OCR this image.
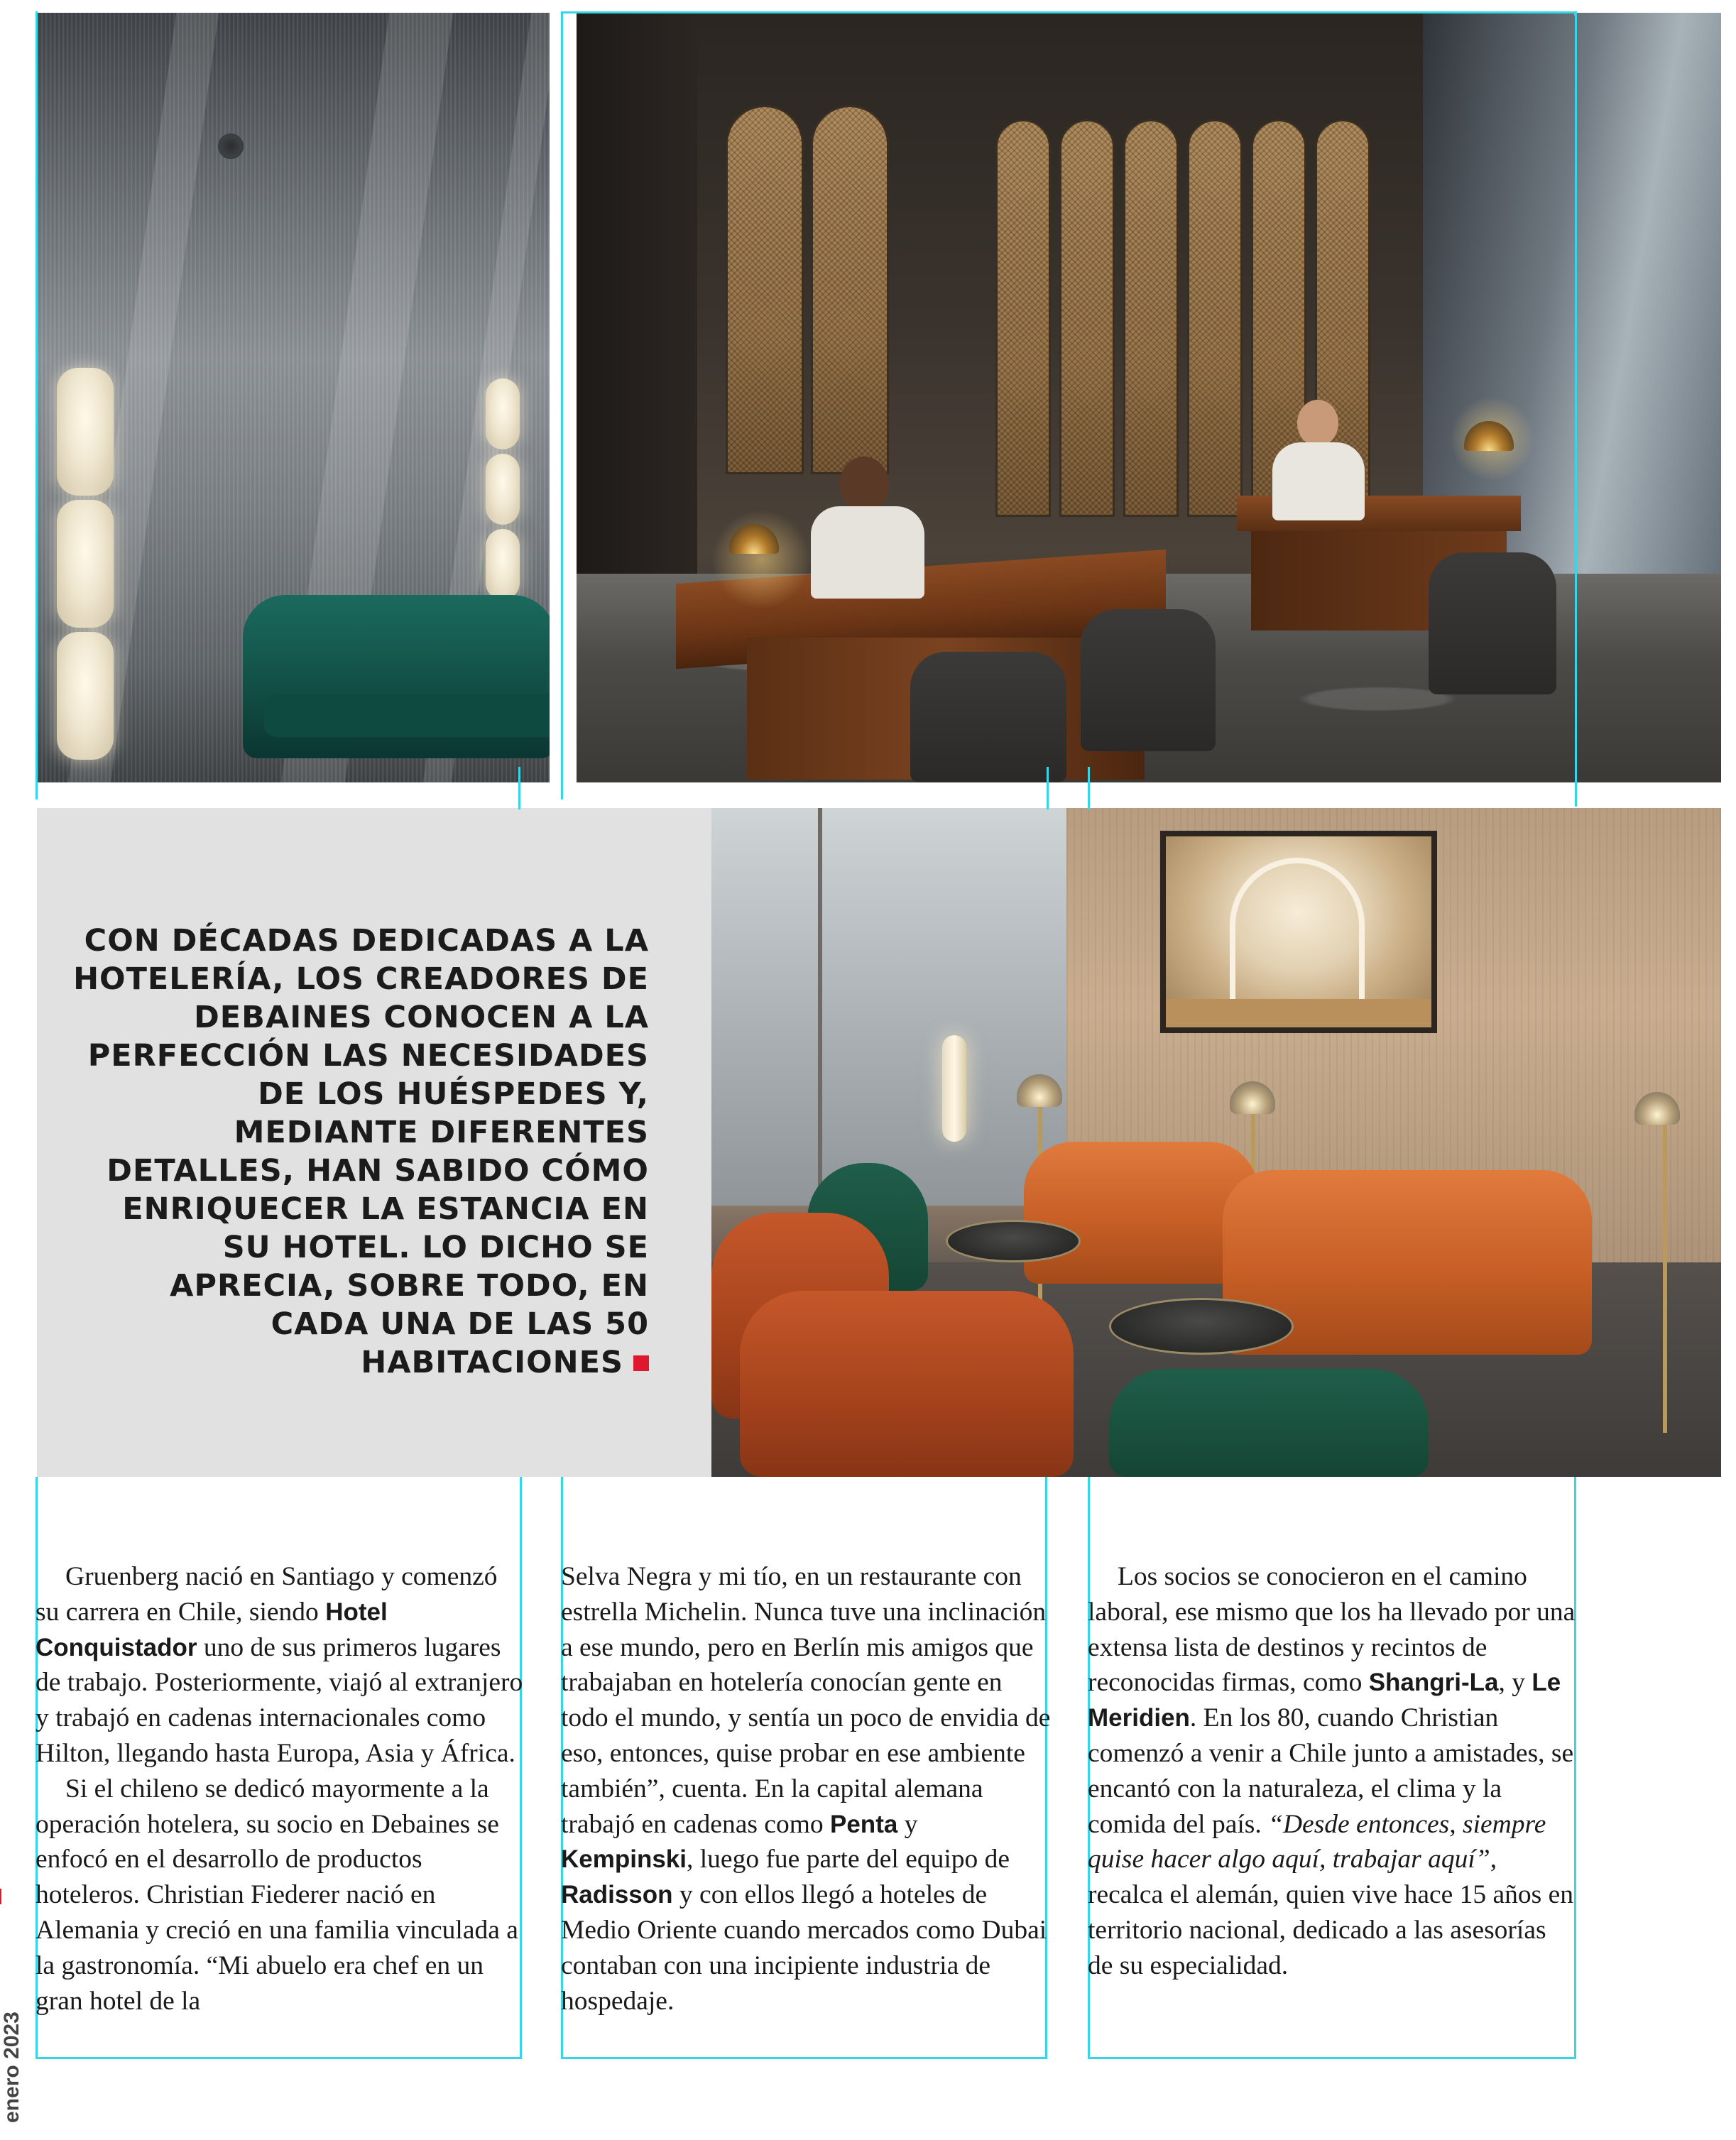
CON DÉCADAS DEDICADAS A LA HOTELERÍA, LOS CREADORES DE DEBAINES CONOCEN A LA PERFECCIÓN LAS NECESIDADES DE LOS HUÉSPEDES Y, MEDIANTE DIFERENTES DETALLES, HAN SABIDO CÓMO ENRIQUECER LA ESTANCIA EN SU HOTEL. LO DICHO SE APRECIA, SOBRE TODO, EN CADA UNA DE LAS 50 HABITACIONES

Gruenberg nació en Santiago y comenzó su carrera en Chile, siendo Hotel Conquistador uno de sus primeros lugares de trabajo. Posteriormente, viajó al extranjero y trabajó en cadenas internacionales como Hilton, llegando hasta Europa, Asia y África.

Si el chileno se dedicó mayormente a la operación hotelera, su socio en Debaines se enfocó en el desarrollo de productos hoteleros. Christian Fiederer nació en Alemania y creció en una familia vinculada a la gastronomía. “Mi abuelo era chef en un gran hotel de la

Selva Negra y mi tío, en un restaurante con estrella Michelin. Nunca tuve una inclinación a ese mundo, pero en Berlín mis amigos que trabajaban en hotelería conocían gente en todo el mundo, y sentía un poco de envidia de eso, entonces, quise probar en ese ambiente también”, cuenta. En la capital alemana trabajó en cadenas como Penta y Kempinski, luego fue parte del equipo de Radisson y con ellos llegó a hoteles de Medio Oriente cuando mercados como Dubai contaban con una incipiente industria de hospedaje.

Los socios se conocieron en el camino laboral, ese mismo que los ha llevado por una extensa lista de destinos y recintos de reconocidas firmas, como Shangri-La, y Le Meridien. En los 80, cuando Christian comenzó a venir a Chile junto a amistades, se encantó con la naturaleza, el clima y la comida del país. “Desde entonces, siempre quise hacer algo aquí, trabajar aquí”, recalca el alemán, quien vive hace 15 años en territorio nacional, dedicado a las asesorías de su especialidad.

enero 2023
